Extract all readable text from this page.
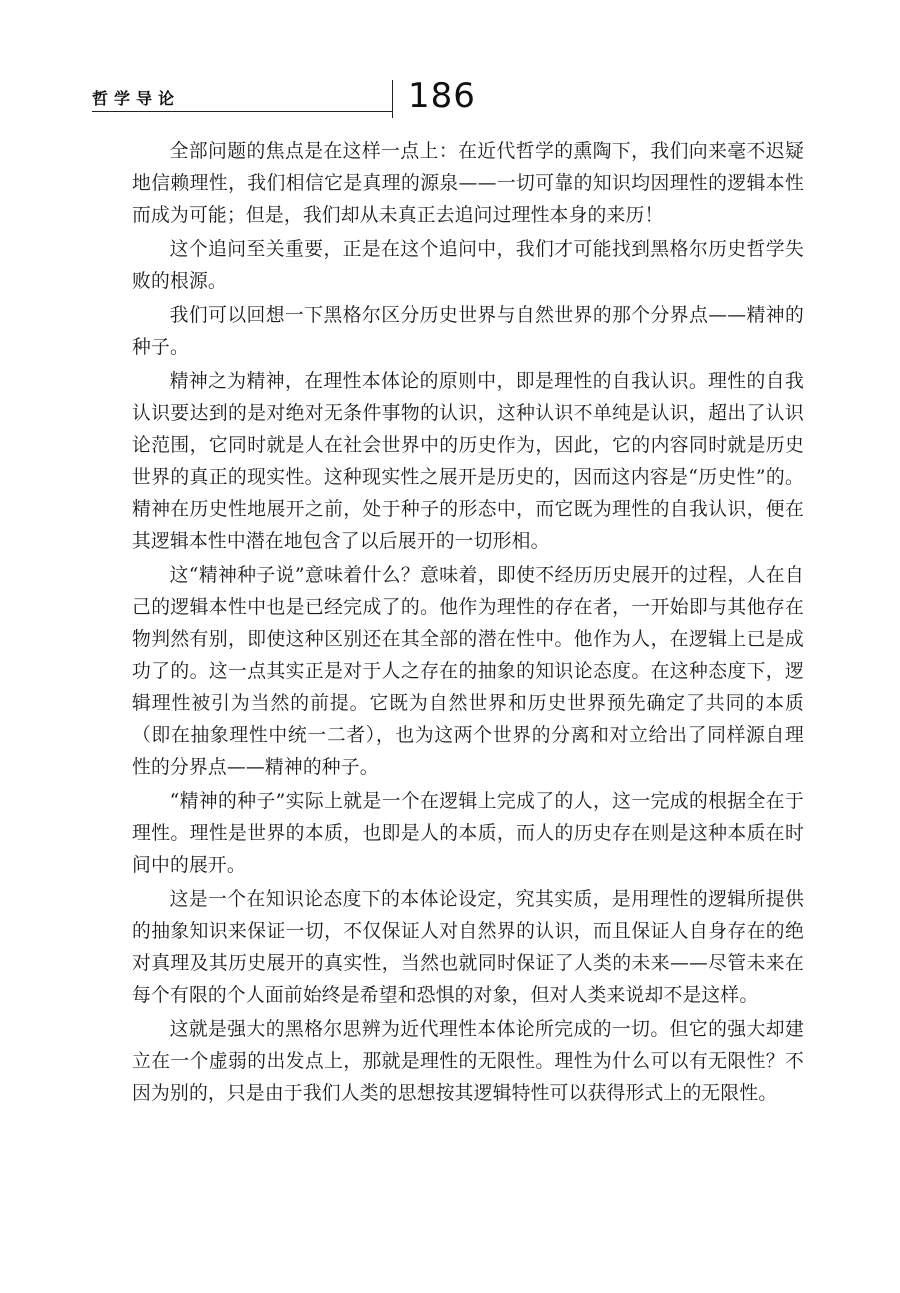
哲学导论	186

全部问题的焦点是在这样一点上：在近代哲学的熏陶下，我们向来毫不迟疑地信赖理性，我们相信它是真理的源泉——一切可靠的知识均因理性的逻辑本性而成为可能；但是，我们却从未真正去追问过理性本身的来历！

这个追问至关重要，正是在这个追问中，我们才可能找到黑格尔历史哲学失败的根源。

我们可以回想一下黑格尔区分历史世界与自然世界的那个分界点——精神的种子。

精神之为精神，在理性本体论的原则中，即是理性的自我认识。理性的自我认识要达到的是对绝对无条件事物的认识，这种认识不单纯是认识，超出了认识论范围，它同时就是人在社会世界中的历史作为，因此，它的内容同时就是历史世界的真正的现实性。这种现实性之展开是历史的，因而这内容是“历史性”的。精神在历史性地展开之前，处于种子的形态中，而它既为理性的自我认识，便在其逻辑本性中潜在地包含了以后展开的一切形相。

这“精神种子说”意味着什么？意味着，即使不经历历史展开的过程，人在自己的逻辑本性中也是已经完成了的。他作为理性的存在者，一开始即与其他存在物判然有别，即使这种区别还在其全部的潜在性中。他作为人，在逻辑上已是成功了的。这一点其实正是对于人之存在的抽象的知识论态度。在这种态度下，逻辑理性被引为当然的前提。它既为自然世界和历史世界预先确定了共同的本质（即在抽象理性中统一二者），也为这两个世界的分离和对立给出了同样源自理性的分界点——精神的种子。

“精神的种子”实际上就是一个在逻辑上完成了的人，这一完成的根据全在于理性。理性是世界的本质，也即是人的本质，而人的历史存在则是这种本质在时间中的展开。

这是一个在知识论态度下的本体论设定，究其实质，是用理性的逻辑所提供的抽象知识来保证一切，不仅保证人对自然界的认识，而且保证人自身存在的绝对真理及其历史展开的真实性，当然也就同时保证了人类的未来——尽管未来在每个有限的个人面前始终是希望和恐惧的对象，但对人类来说却不是这样。

这就是强大的黑格尔思辨为近代理性本体论所完成的一切。但它的强大却建立在一个虚弱的出发点上，那就是理性的无限性。理性为什么可以有无限性？不因为别的，只是由于我们人类的思想按其逻辑特性可以获得形式上的无限性。
